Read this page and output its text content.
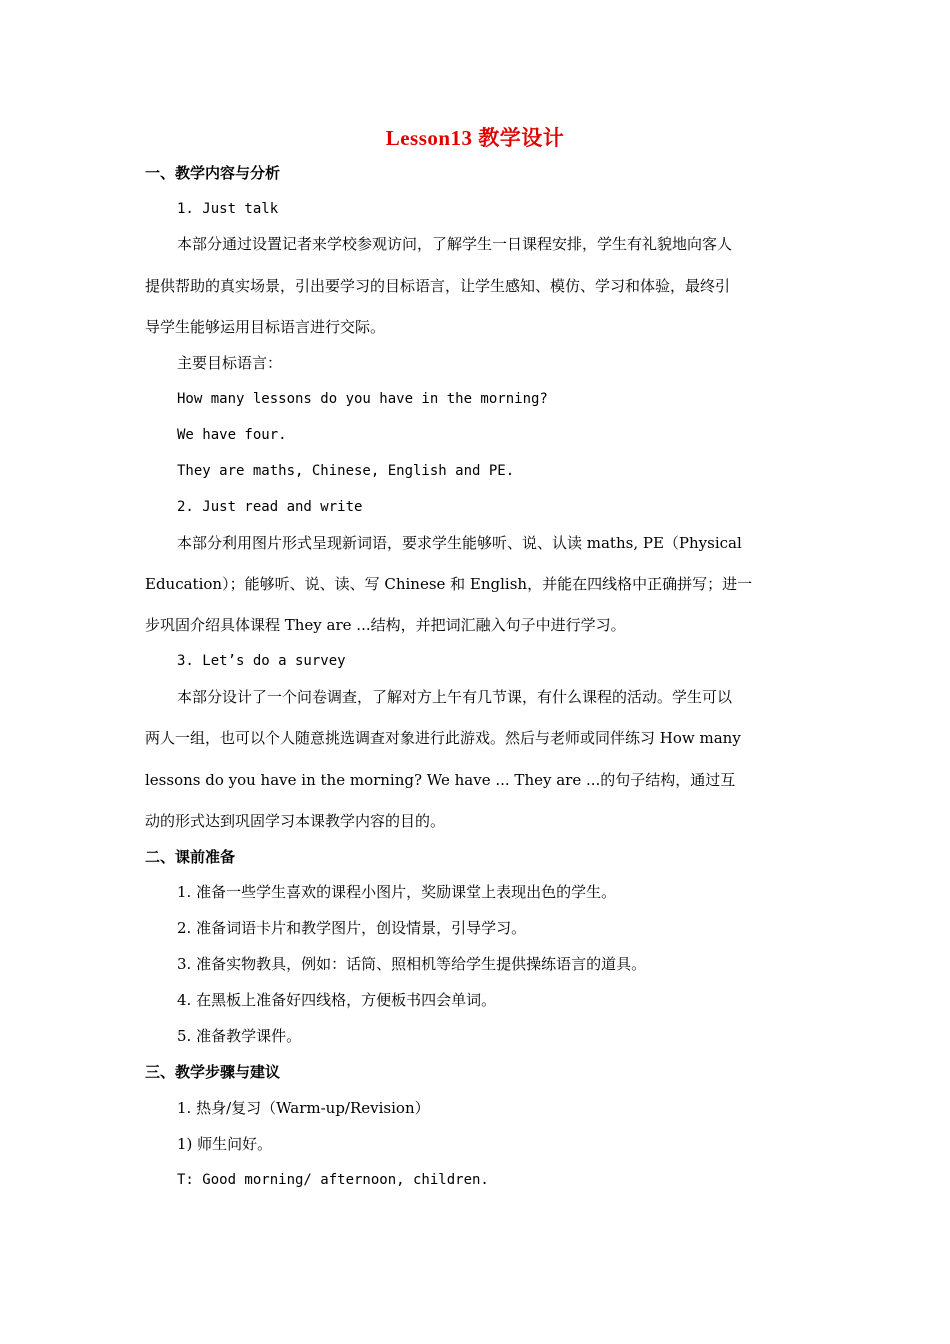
Lesson13 教学设计
一、教学内容与分析
1. Just talk
本部分通过设置记者来学校参观访问，了解学生一日课程安排，学生有礼貌地向客人
提供帮助的真实场景，引出要学习的目标语言，让学生感知、模仿、学习和体验，最终引
导学生能够运用目标语言进行交际。
主要目标语言：
How many lessons do you have in the morning?
We have four.
They are maths, Chinese, English and PE.
2. Just read and write
本部分利用图片形式呈现新词语，要求学生能够听、说、认读 maths, PE（Physical
Education）；能够听、说、读、写 Chinese 和 English，并能在四线格中正确拼写；进一
步巩固介绍具体课程 They are ...结构，并把词汇融入句子中进行学习。
3. Let’s do a survey
本部分设计了一个问卷调查，了解对方上午有几节课，有什么课程的活动。学生可以
两人一组，也可以个人随意挑选调查对象进行此游戏。然后与老师或同伴练习 How many
lessons do you have in the morning? We have ... They are ...的句子结构，通过互
动的形式达到巩固学习本课教学内容的目的。
二、课前准备
1. 准备一些学生喜欢的课程小图片，奖励课堂上表现出色的学生。
2. 准备词语卡片和教学图片，创设情景，引导学习。
3. 准备实物教具，例如：话筒、照相机等给学生提供操练语言的道具。
4. 在黑板上准备好四线格，方便板书四会单词。
5. 准备教学课件。
三、教学步骤与建议
1. 热身/复习（Warm-up/Revision）
1) 师生问好。
T: Good morning/ afternoon, children.
